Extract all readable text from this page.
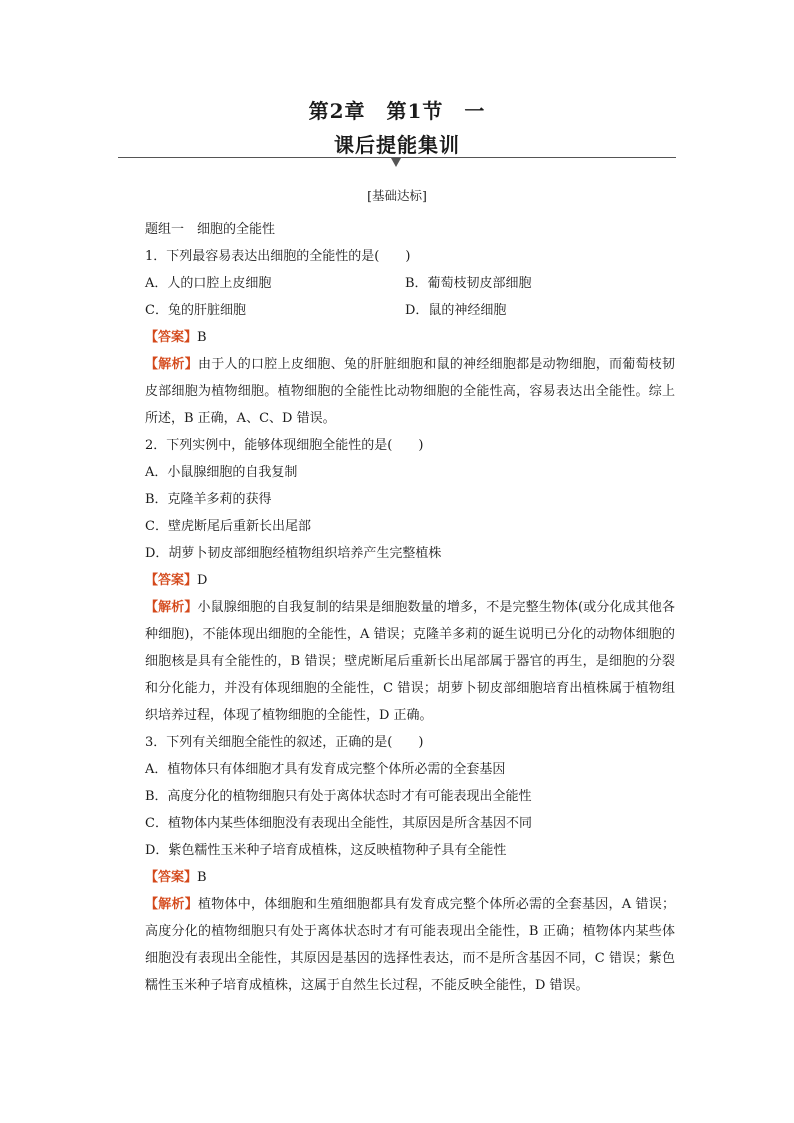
第2章　第1节　一
课后提能集训
[基础达标]

题组一　细胞的全能性

1．下列最容易表达出细胞的全能性的是(　　)

A．人的口腔上皮细胞	B．葡萄枝韧皮部细胞
C．兔的肝脏细胞	D．鼠的神经细胞

【答案】B

【解析】由于人的口腔上皮细胞、兔的肝脏细胞和鼠的神经细胞都是动物细胞，而葡萄枝韧皮部细胞为植物细胞。植物细胞的全能性比动物细胞的全能性高，容易表达出全能性。综上所述，B 正确，A、C、D 错误。

2．下列实例中，能够体现细胞全能性的是(　　)

A．小鼠腺细胞的自我复制

B．克隆羊多莉的获得

C．壁虎断尾后重新长出尾部

D．胡萝卜韧皮部细胞经植物组织培养产生完整植株

【答案】D

【解析】小鼠腺细胞的自我复制的结果是细胞数量的增多，不是完整生物体(或分化成其他各种细胞)，不能体现出细胞的全能性，A 错误；克隆羊多莉的诞生说明已分化的动物体细胞的细胞核是具有全能性的，B 错误；壁虎断尾后重新长出尾部属于器官的再生，是细胞的分裂和分化能力，并没有体现细胞的全能性，C 错误；胡萝卜韧皮部细胞培育出植株属于植物组织培养过程，体现了植物细胞的全能性，D 正确。

3．下列有关细胞全能性的叙述，正确的是(　　)

A．植物体只有体细胞才具有发育成完整个体所必需的全套基因

B．高度分化的植物细胞只有处于离体状态时才有可能表现出全能性

C．植物体内某些体细胞没有表现出全能性，其原因是所含基因不同

D．紫色糯性玉米种子培育成植株，这反映植物种子具有全能性

【答案】B

【解析】植物体中，体细胞和生殖细胞都具有发育成完整个体所必需的全套基因，A 错误；高度分化的植物细胞只有处于离体状态时才有可能表现出全能性，B 正确；植物体内某些体细胞没有表现出全能性，其原因是基因的选择性表达，而不是所含基因不同，C 错误；紫色糯性玉米种子培育成植株，这属于自然生长过程，不能反映全能性，D 错误。
